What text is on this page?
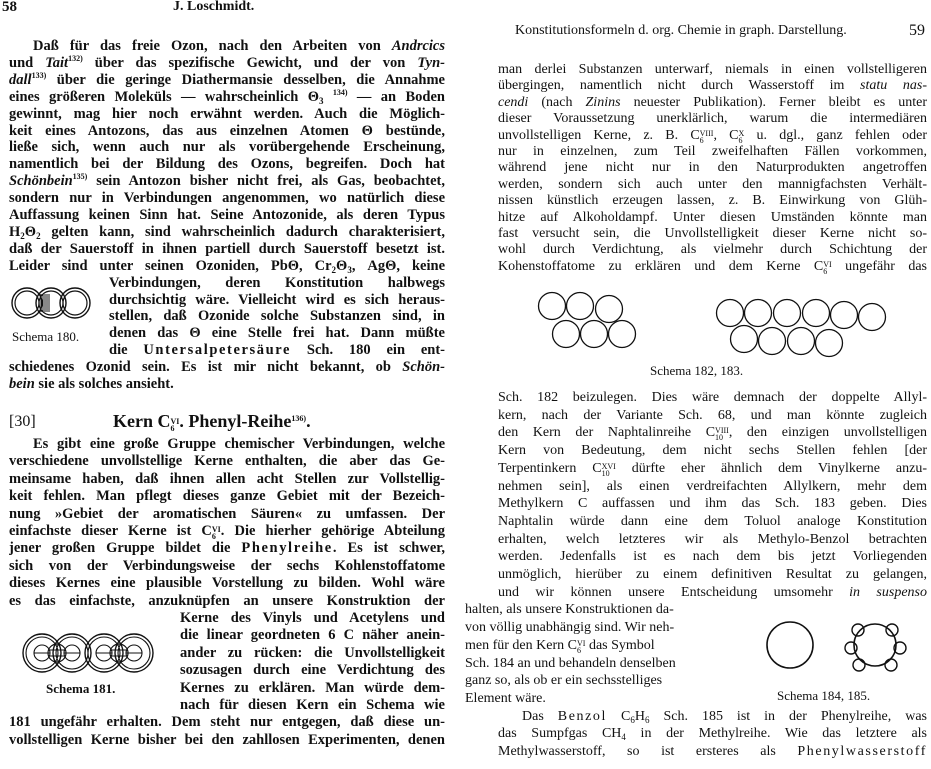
58	J. Loschmidt.
Daß für das freie Ozon, nach den Arbeiten von Andrcics
und Tait$^{132)}$ über das spezifische Gewicht, und der von Tyn-
dall$^{133)}$ über die geringe Diathermansie desselben, die Annahme
eines größeren Moleküls — wahrscheinlich $\Theta_3$ $^{134)}$ — an Boden
gewinnt, mag hier noch erwähnt werden. Auch die Möglich-
keit eines Antozons, das aus einzelnen Atomen Θ bestünde,
ließe sich, wenn auch nur als vorübergehende Erscheinung,
namentlich bei der Bildung des Ozons, begreifen. Doch hat
Schönbein$^{135)}$ sein Antozon bisher nicht frei, als Gas, beobachtet,
sondern nur in Verbindungen angenommen, wo natürlich diese
Auffassung keinen Sinn hat. Seine Antozonide, als deren Typus
$H_2\Theta_2$ gelten kann, sind wahrscheinlich dadurch charakterisiert,
daß der Sauerstoff in ihnen partiell durch Sauerstoff besetzt ist.
Leider sind unter seinen Ozoniden, PbΘ, $Cr_2\Theta_3$, AgΘ, keine
Verbindungen, deren Konstitution halbwegs
durchsichtig wäre. Vielleicht wird es sich heraus-
stellen, daß Ozonide solche Substanzen sind, in
denen das Θ eine Stelle frei hat. Dann müßte
die Untersalpetersäure Sch. 180 ein ent-
schiedenes Ozonid sein. Es ist mir nicht bekannt, ob Schön-
bein sie als solches ansieht.
Schema 180.
[30]	Kern C VI
6 . Phenyl-Reihe$^{136)}$.
Es gibt eine große Gruppe chemischer Verbindungen, welche
verschiedene unvollstellige Kerne enthalten, die aber das Ge-
meinsame haben, daß ihnen allen acht Stellen zur Vollstellig-
keit fehlen. Man pflegt dieses ganze Gebiet mit der Bezeich-
nung »Gebiet der aromatischen Säuren« zu umfassen. Der
einfachste dieser Kerne ist C VI
6 . Die hierher gehörige Abteilung
jener großen Gruppe bildet die Phenylreihe. Es ist schwer,
sich von der Verbindungsweise der sechs Kohlenstoffatome
dieses Kernes eine plausible Vorstellung zu bilden. Wohl wäre
es das einfachste, anzuknüpfen an unsere Konstruktion der
Kerne des Vinyls und Acetylens und
die linear geordneten 6 C näher anein-
ander zu rücken: die Unvollstelligkeit
sozusagen durch eine Verdichtung des
Kernes zu erklären. Man würde dem-
nach für diesen Kern ein Schema wie
181 ungefähr erhalten. Dem steht nur entgegen, daß diese un-
vollstelligen Kerne bisher bei den zahllosen Experimenten, denen
Schema 181.
Konstitutionsformeln d. org. Chemie in graph. Darstellung.	59
man derlei Substanzen unterwarf, niemals in einen vollstelligeren
übergingen, namentlich nicht durch Wasserstoff im statu nas-
cendi (nach Zinins neuester Publikation). Ferner bleibt es unter
dieser Voraussetzung unerklärlich, warum die intermediären
unvollstelligen Kerne, z. B. C VIII
6 , C X
6 u. dgl., ganz fehlen oder
nur in einzelnen, zum Teil zweifelhaften Fällen vorkommen,
während jene nicht nur in den Naturprodukten angetroffen
werden, sondern sich auch unter den mannigfachsten Verhält-
nissen künstlich erzeugen lassen, z. B. Einwirkung von Glüh-
hitze auf Alkoholdampf. Unter diesen Umständen könnte man
fast versucht sein, die Unvollstelligkeit dieser Kerne nicht so-
wohl durch Verdichtung, als vielmehr durch Schichtung der
Kohenstoffatome zu erklären und dem Kerne C VI
6 ungefähr das
Schema 182, 183.
Sch. 182 beizulegen. Dies wäre demnach der doppelte Allyl-
kern, nach der Variante Sch. 68, und man könnte zugleich
den Kern der Naphtalinreihe C VIII
10 , den einzigen unvollstelligen
Kern von Bedeutung, dem nicht sechs Stellen fehlen [der
Terpentinkern C XVI
10 dürfte eher ähnlich dem Vinylkerne anzu-
nehmen sein], als einen verdreifachten Allylkern, mehr dem
Methylkern C auffassen und ihm das Sch. 183 geben. Dies
Naphtalin würde dann eine dem Toluol analoge Konstitution
erhalten, welch letzteres wir als Methylo-Benzol betrachten
werden. Jedenfalls ist es nach dem bis jetzt Vorliegenden
unmöglich, hierüber zu einem definitiven Resultat zu gelangen,
und wir können unsere Entscheidung umsomehr in suspenso
halten, als unsere Konstruktionen da-
von völlig unabhängig sind. Wir neh-
men für den Kern C VI
6 das Symbol
Sch. 184 an und behandeln denselben
ganz so, als ob er ein sechsstelliges
Element wäre.
Das Benzol $C_6H_6$ Sch. 185 ist in der Phenylreihe, was
das Sumpfgas $CH_4$ in der Methylreihe. Wie das letztere als
Methylwasserstoff, so ist ersteres als Phenylwasserstoff
Schema 184, 185.
